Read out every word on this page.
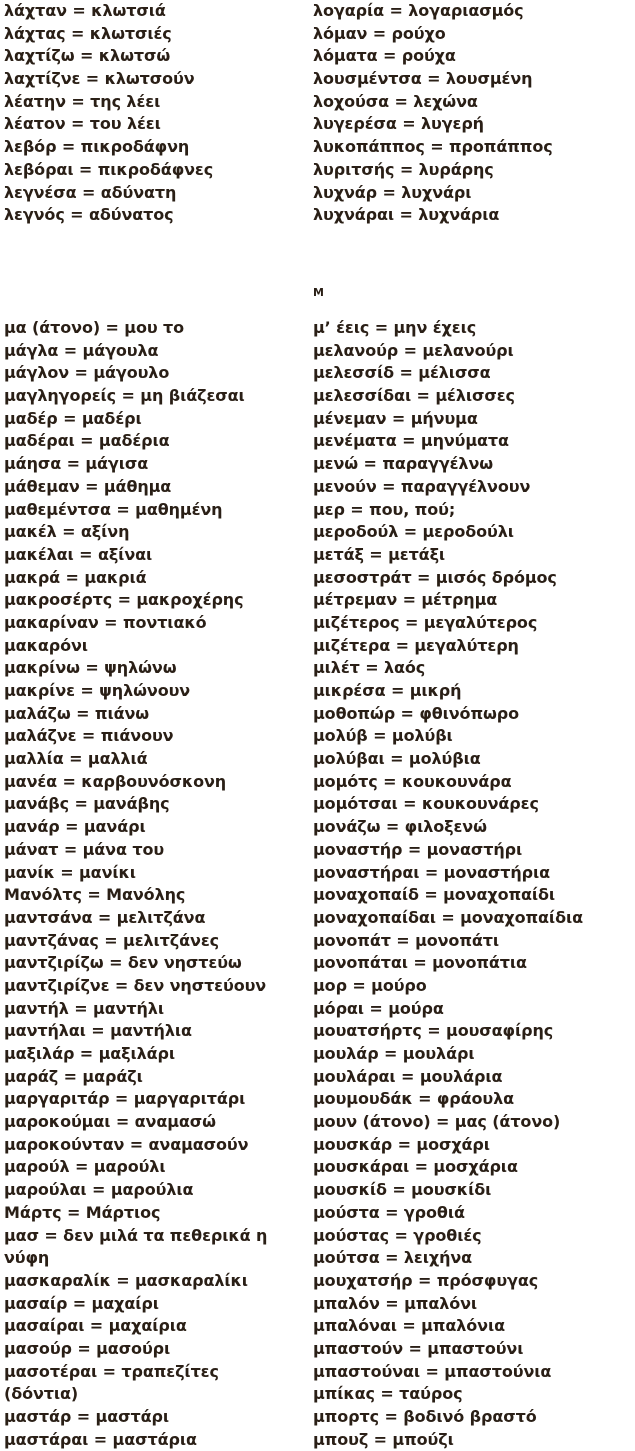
λάχταν = κλωτσιά
λάχτας = κλωτσιές
λαχτίζω = κλωτσώ
λαχτίζνε = κλωτσούν
λέατην = της λέει
λέατον = του λέει
λεβόρ = πικροδάφνη
λεβόραι = πικροδάφνες
λεγνέσα = αδύνατη
λεγνός = αδύνατος
λογαρία = λογαριασμός
λόμαν = ρούχο
λόματα = ρούχα
λουσμέντσα = λουσμένη
λοχούσα = λεχώνα
λυγερέσα = λυγερή
λυκοπάππος = προπάππος
λυριτσής = λυράρης
λυχνάρ = λυχνάρι
λυχνάραι = λυχνάρια
Μ
μα (άτονο) = μου το
μάγλα = μάγουλα
μάγλον = μάγουλο
μαγληγορείς = μη βιάζεσαι
μαδέρ = μαδέρι
μαδέραι = μαδέρια
μάησα = μάγισα
μάθεμαν = μάθημα
μαθεμέντσα = μαθημένη
μακέλ = αξίνη
μακέλαι = αξίναι
μακρά = μακριά
μακροσέρτς = μακροχέρης
μακαρίναν = ποντιακό
μακαρόνι
μακρίνω = ψηλώνω
μακρίνε = ψηλώνουν
μαλάζω = πιάνω
μαλάζνε = πιάνουν
μαλλία = μαλλιά
μανέα = καρβουνόσκονη
μανάβς = μανάβης
μανάρ = μανάρι
μάνατ = μάνα του
μανίκ = μανίκι
Μανόλτς = Μανόλης
μαντσάνα = μελιτζάνα
μαντζάνας = μελιτζάνες
μαντζιρίζω = δεν νηστεύω
μαντζιρίζνε = δεν νηστεύουν
μαντήλ = μαντήλι
μαντήλαι = μαντήλια
μαξιλάρ = μαξιλάρι
μαράζ = μαράζι
μαργαριτάρ = μαργαριτάρι
μαροκούμαι = αναμασώ
μαροκούνταν = αναμασούν
μαρούλ = μαρούλι
μαρούλαι = μαρούλια
Μάρτς = Μάρτιος
μασ = δεν μιλά τα πεθερικά η
νύφη
μασκαραλίκ = μασκαραλίκι
μασαίρ = μαχαίρι
μασαίραι = μαχαίρια
μασούρ = μασούρι
μασοτέραι = τραπεζίτες
(δόντια)
μαστάρ = μαστάρι
μαστάραι = μαστάρια
μ’ έεις = μην έχεις
μελανούρ = μελανούρι
μελεσσίδ = μέλισσα
μελεσσίδαι = μέλισσες
μένεμαν = μήνυμα
μενέματα = μηνύματα
μενώ = παραγγέλνω
μενούν = παραγγέλνουν
μερ = που, πού;
μεροδούλ = μεροδούλι
μετάξ = μετάξι
μεσοστράτ = μισός δρόμος
μέτρεμαν = μέτρημα
μιζέτερος = μεγαλύτερος
μιζέτερα = μεγαλύτερη
μιλέτ = λαός
μικρέσα = μικρή
μοθοπώρ = φθινόπωρο
μολύβ = μολύβι
μολύβαι = μολύβια
μομότς = κουκουνάρα
μομότσαι = κουκουνάρες
μονάζω = φιλοξενώ
μοναστήρ = μοναστήρι
μοναστήραι = μοναστήρια
μοναχοπαίδ = μοναχοπαίδι
μοναχοπαίδαι = μοναχοπαίδια
μονοπάτ = μονοπάτι
μονοπάται = μονοπάτια
μορ = μούρο
μόραι = μούρα
μουατσήρτς = μουσαφίρης
μουλάρ = μουλάρι
μουλάραι = μουλάρια
μουμουδάκ = φράουλα
μουν (άτονο) = μας (άτονο)
μουσκάρ = μοσχάρι
μουσκάραι = μοσχάρια
μουσκίδ = μουσκίδι
μούστα = γροθιά
μούστας = γροθιές
μούτσα = λειχήνα
μουχατσήρ = πρόσφυγας
μπαλόν = μπαλόνι
μπαλόναι = μπαλόνια
μπαστούν = μπαστούνι
μπαστούναι = μπαστούνια
μπίκας = ταύρος
μπορτς = βοδινό βραστό
μπουζ = μπούζι
